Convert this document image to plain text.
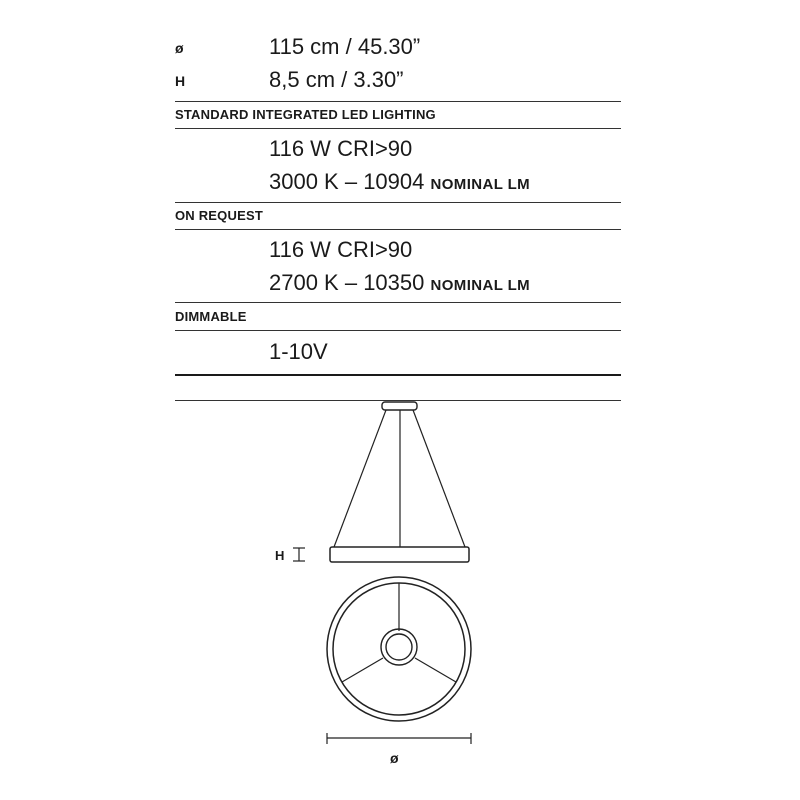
ø	115 cm / 45.30”
H	8,5 cm / 3.30”
STANDARD INTEGRATED LED LIGHTING
116 W CRI>90
3000 K – 10904 NOMINAL LM
ON REQUEST
116 W CRI>90
2700 K – 10350 NOMINAL LM
DIMMABLE
1-10V
H
ø
